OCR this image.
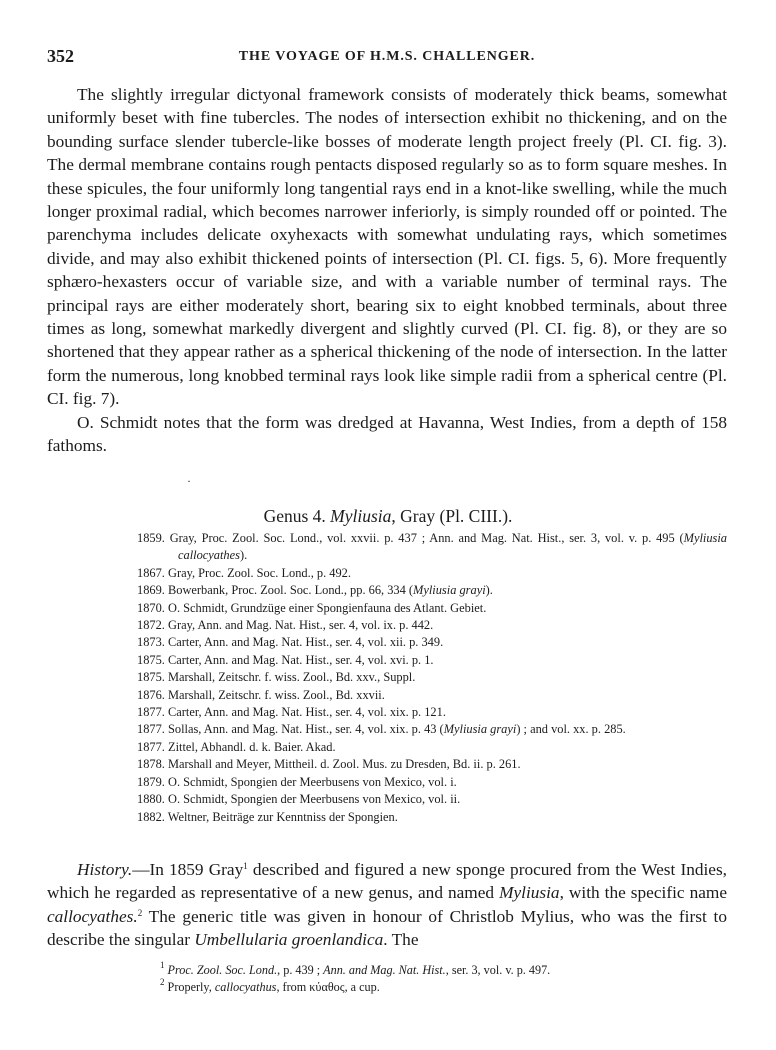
352	THE VOYAGE OF H.M.S. CHALLENGER.

The slightly irregular dictyonal framework consists of moderately thick beams, somewhat uniformly beset with fine tubercles. The nodes of intersection exhibit no thickening, and on the bounding surface slender tubercle-like bosses of moderate length project freely (Pl. CI. fig. 3). The dermal membrane contains rough pentacts disposed regularly so as to form square meshes. In these spicules, the four uniformly long tangential rays end in a knot-like swelling, while the much longer proximal radial, which becomes narrower inferiorly, is simply rounded off or pointed. The parenchyma includes delicate oxyhexacts with somewhat undulating rays, which sometimes divide, and may also exhibit thickened points of intersection (Pl. CI. figs. 5, 6). More frequently sphæro-hexasters occur of variable size, and with a variable number of terminal rays. The principal rays are either moderately short, bearing six to eight knobbed terminals, about three times as long, somewhat markedly divergent and slightly curved (Pl. CI. fig. 8), or they are so shortened that they appear rather as a spherical thickening of the node of intersection. In the latter form the numerous, long knobbed terminal rays look like simple radii from a spherical centre (Pl. CI. fig. 7).

O. Schmidt notes that the form was dredged at Havanna, West Indies, from a depth of 158 fathoms.

·
Genus 4. Myliusia, Gray (Pl. CIII.).
1859. Gray, Proc. Zool. Soc. Lond., vol. xxvii. p. 437 ; Ann. and Mag. Nat. Hist., ser. 3, vol. v. p. 495 (Myliusia callocyathes).
1867. Gray, Proc. Zool. Soc. Lond., p. 492.
1869. Bowerbank, Proc. Zool. Soc. Lond., pp. 66, 334 (Myliusia grayi).
1870. O. Schmidt, Grundzüge einer Spongienfauna des Atlant. Gebiet.
1872. Gray, Ann. and Mag. Nat. Hist., ser. 4, vol. ix. p. 442.
1873. Carter, Ann. and Mag. Nat. Hist., ser. 4, vol. xii. p. 349.
1875. Carter, Ann. and Mag. Nat. Hist., ser. 4, vol. xvi. p. 1.
1875. Marshall, Zeitschr. f. wiss. Zool., Bd. xxv., Suppl.
1876. Marshall, Zeitschr. f. wiss. Zool., Bd. xxvii.
1877. Carter, Ann. and Mag. Nat. Hist., ser. 4, vol. xix. p. 121.
1877. Sollas, Ann. and Mag. Nat. Hist., ser. 4, vol. xix. p. 43 (Myliusia grayi) ; and vol. xx. p. 285.
1877. Zittel, Abhandl. d. k. Baier. Akad.
1878. Marshall and Meyer, Mittheil. d. Zool. Mus. zu Dresden, Bd. ii. p. 261.
1879. O. Schmidt, Spongien der Meerbusens von Mexico, vol. i.
1880. O. Schmidt, Spongien der Meerbusens von Mexico, vol. ii.
1882. Weltner, Beiträge zur Kenntniss der Spongien.

History.—In 1859 Gray$^1$ described and figured a new sponge procured from the West Indies, which he regarded as representative of a new genus, and named Myliusia, with the specific name callocyathes.$^2$ The generic title was given in honour of Christlob Mylius, who was the first to describe the singular Umbellularia groenlandica. The

$^1$ Proc. Zool. Soc. Lond., p. 439 ; Ann. and Mag. Nat. Hist., ser. 3, vol. v. p. 497.
$^2$ Properly, callocyathus, from κύαθος, a cup.
